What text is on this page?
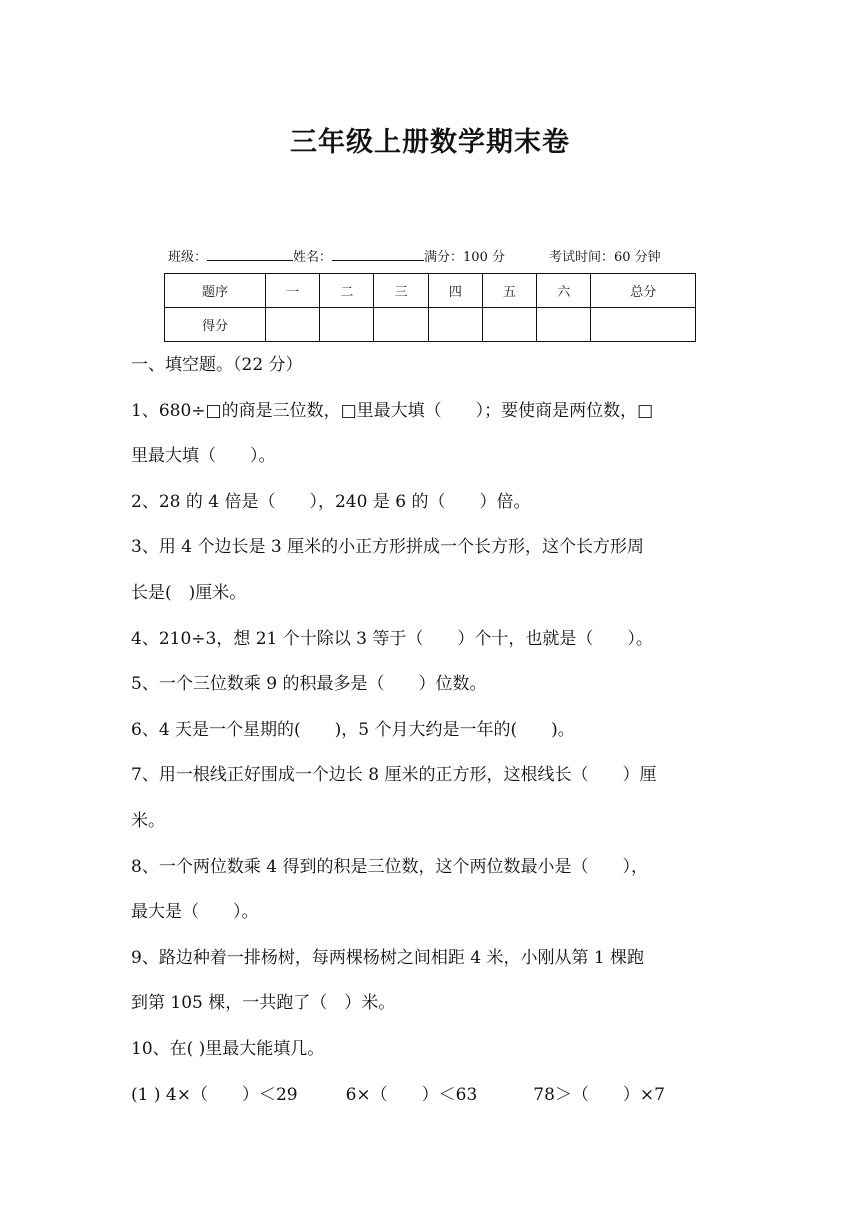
三年级上册数学期末卷
班级：	姓名：	满分：100 分	考试时间：60 分钟
题序	一	二	三	四	五	六	总分
得分							

一、填空题。（22 分）

1、680÷□的商是三位数，□里最大填（　　）；要使商是两位数，□

里最大填（　　）。

2、28 的 4 倍是（　　），240 是 6 的（　　）倍。

3、用 4 个边长是 3 厘米的小正方形拼成一个长方形，这个长方形周

长是(　)厘米。

4、210÷3，想 21 个十除以 3 等于（　　）个十，也就是（　　）。

5、一个三位数乘 9 的积最多是（　　）位数。

6、4 天是一个星期的(　　)，5 个月大约是一年的(　　)。

7、用一根线正好围成一个边长 8 厘米的正方形，这根线长（　　）厘

米。

8、一个两位数乘 4 得到的积是三位数，这个两位数最小是（　　），

最大是（　　）。

9、路边种着一排杨树，每两棵杨树之间相距 4 米，小刚从第 1 棵跑

到第 105 棵，一共跑了（　）米。

10、在( )里最大能填几。

(1 ) 4×（　　）＜29	6×（　　）＜63	78＞（　　）×7
